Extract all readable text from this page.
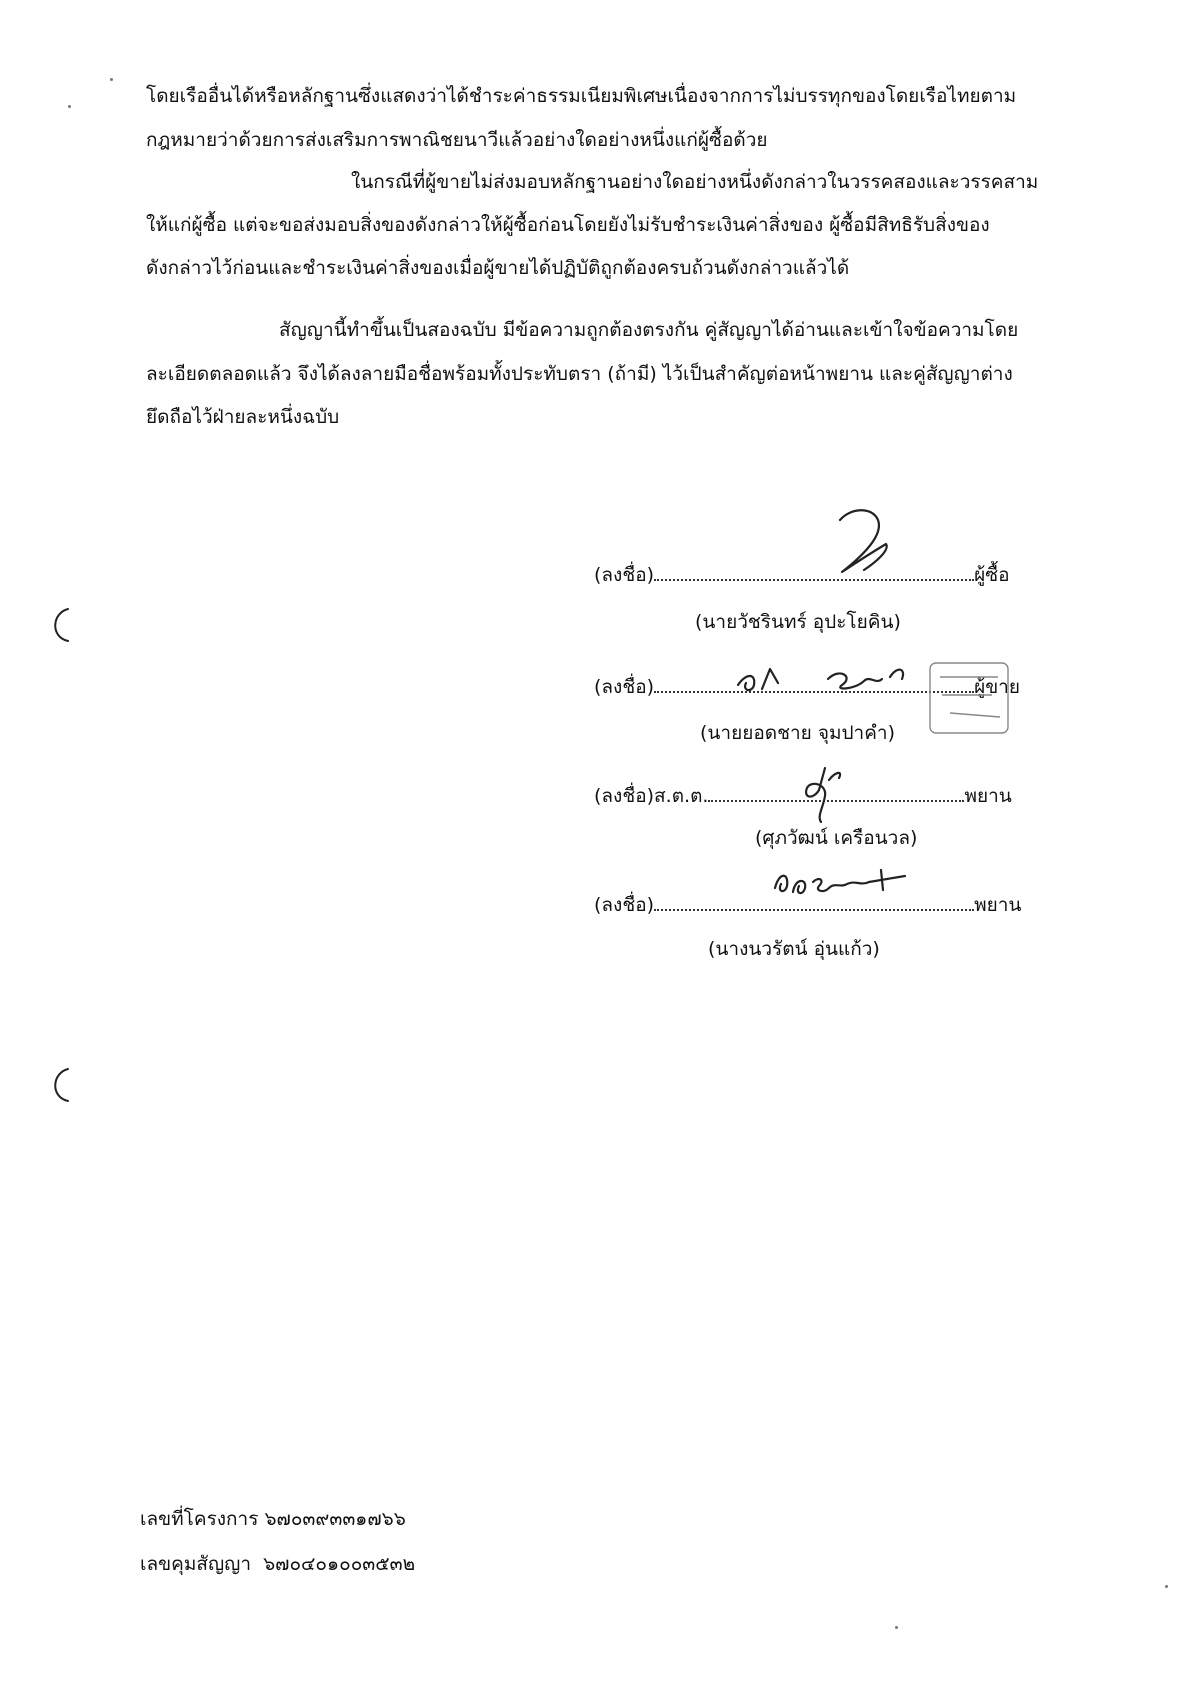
โดยเรืออื่นได้หรือหลักฐานซึ่งแสดงว่าได้ชำระค่าธรรมเนียมพิเศษเนื่องจากการไม่บรรทุกของโดยเรือไทยตาม
กฎหมายว่าด้วยการส่งเสริมการพาณิชยนาวีแล้วอย่างใดอย่างหนึ่งแก่ผู้ซื้อด้วย
ในกรณีที่ผู้ขายไม่ส่งมอบหลักฐานอย่างใดอย่างหนึ่งดังกล่าวในวรรคสองและวรรคสาม
ให้แก่ผู้ซื้อ แต่จะขอส่งมอบสิ่งของดังกล่าวให้ผู้ซื้อก่อนโดยยังไม่รับชำระเงินค่าสิ่งของ ผู้ซื้อมีสิทธิรับสิ่งของ
ดังกล่าวไว้ก่อนและชำระเงินค่าสิ่งของเมื่อผู้ขายได้ปฏิบัติถูกต้องครบถ้วนดังกล่าวแล้วได้
สัญญานี้ทำขึ้นเป็นสองฉบับ มีข้อความถูกต้องตรงกัน คู่สัญญาได้อ่านและเข้าใจข้อความโดย
ละเอียดตลอดแล้ว จึงได้ลงลายมือชื่อพร้อมทั้งประทับตรา (ถ้ามี) ไว้เป็นสำคัญต่อหน้าพยาน และคู่สัญญาต่าง
ยึดถือไว้ฝ่ายละหนึ่งฉบับ
(ลงชื่อ)	ผู้ซื้อ
(นายวัชรินทร์ อุปะโยคิน)
(ลงชื่อ)	ผู้ขาย
(นายยอดชาย จุมปาคำ)
(ลงชื่อ)ส.ต.ต.	พยาน
(ศุภวัฒน์ เครือนวล)
(ลงชื่อ)	พยาน
(นางนวรัตน์ อุ่นแก้ว)
เลขที่โครงการ ๖๗๐๓๙๓๓๑๗๖๖
เลขคุมสัญญา ๖๗๐๔๐๑๐๐๓๕๓๒
